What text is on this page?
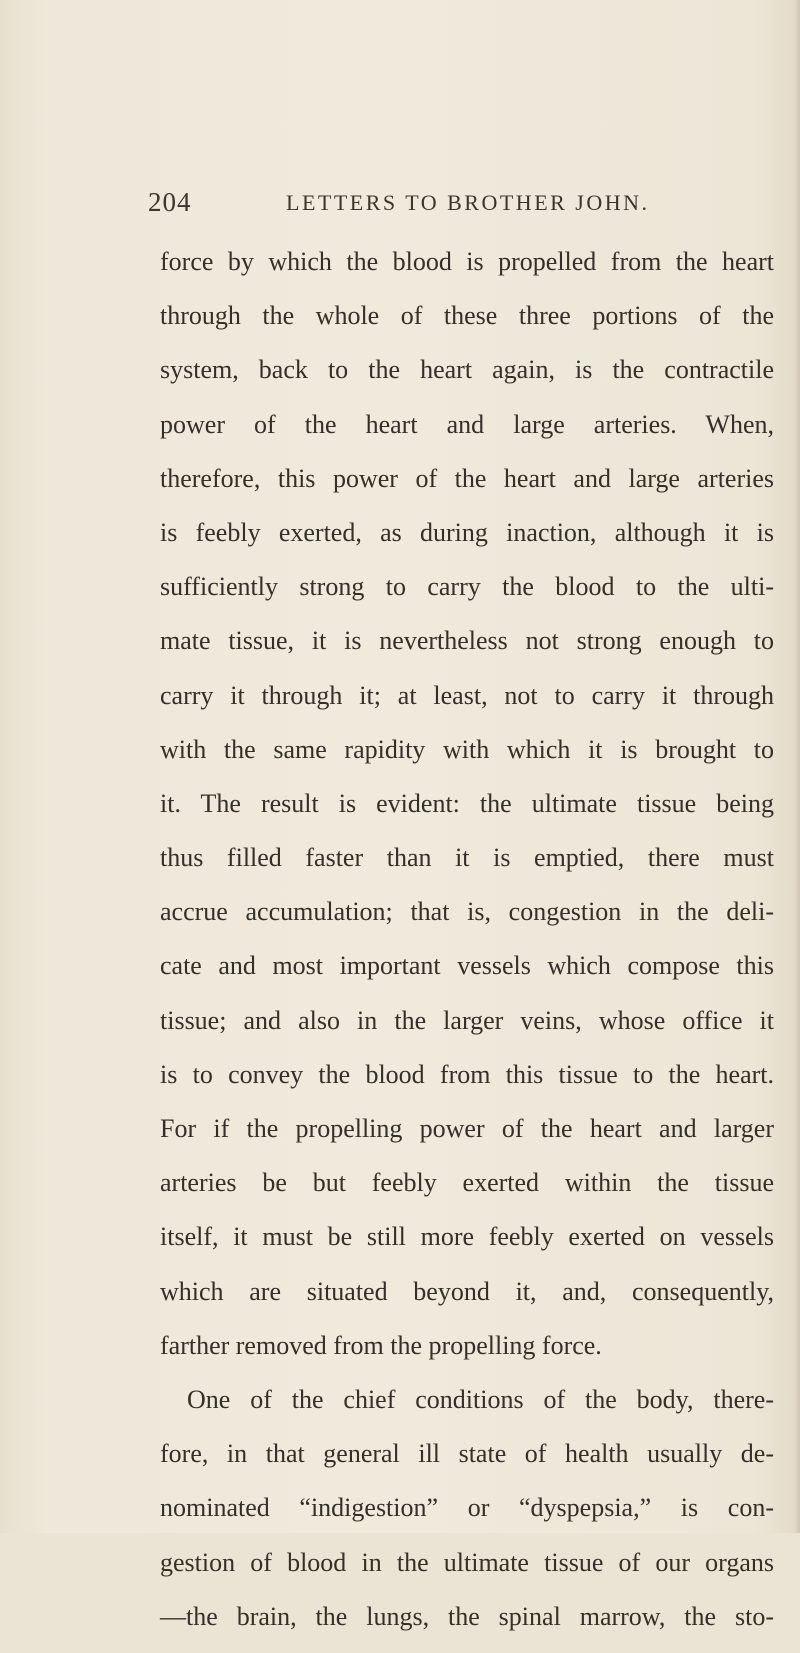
204	LETTERS TO BROTHER JOHN.
force by which the blood is propelled from the heart
through the whole of these three portions of the
system, back to the heart again, is the contractile
power of the heart and large arteries. When,
therefore, this power of the heart and large arteries
is feebly exerted, as during inaction, although it is
sufficiently strong to carry the blood to the ulti-
mate tissue, it is nevertheless not strong enough to
carry it through it; at least, not to carry it through
with the same rapidity with which it is brought to
it. The result is evident: the ultimate tissue being
thus filled faster than it is emptied, there must
accrue accumulation; that is, congestion in the deli-
cate and most important vessels which compose this
tissue; and also in the larger veins, whose office it
is to convey the blood from this tissue to the heart.
For if the propelling power of the heart and larger
arteries be but feebly exerted within the tissue
itself, it must be still more feebly exerted on vessels
which are situated beyond it, and, consequently,
farther removed from the propelling force.
One of the chief conditions of the body, there-
fore, in that general ill state of health usually de-
nominated “indigestion” or “dyspepsia,” is con-
gestion of blood in the ultimate tissue of our organs
—the brain, the lungs, the spinal marrow, the sto-
